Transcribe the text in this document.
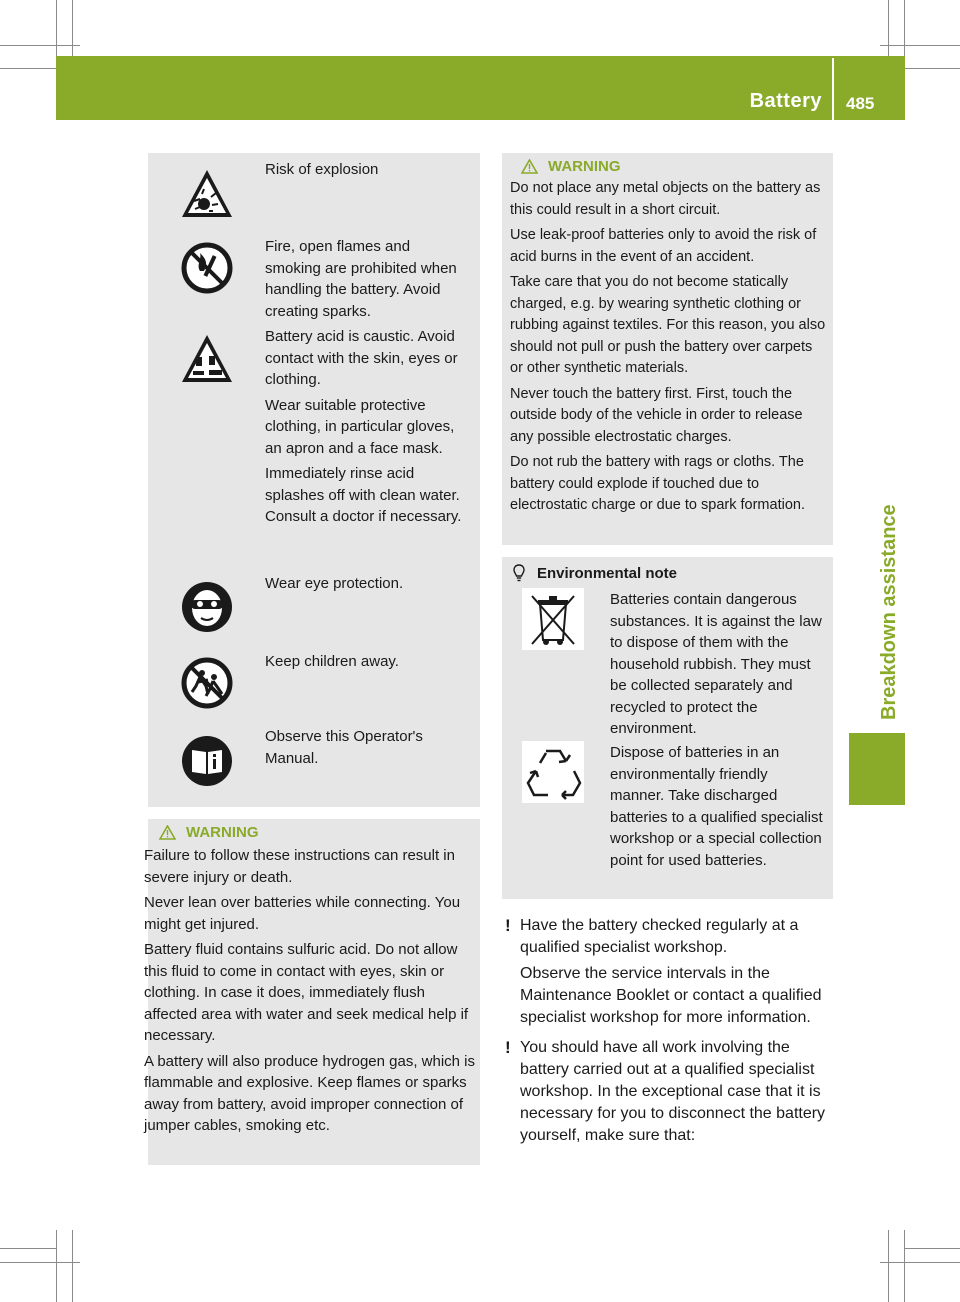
Battery 485
Breakdown assistance

Risk of explosion

Fire, open flames and smoking are prohibited when handling the battery. Avoid creating sparks.

Battery acid is caustic. Avoid contact with the skin, eyes or clothing.

Wear suitable protective clothing, in particular gloves, an apron and a face mask.

Immediately rinse acid splashes off with clean water. Consult a doctor if necessary.

Wear eye protection.

Keep children away.

Observe this Operator's Manual.

WARNING
Failure to follow these instructions can result in severe injury or death.
Never lean over batteries while connecting. You might get injured.
Battery fluid contains sulfuric acid. Do not allow this fluid to come in contact with eyes, skin or clothing. In case it does, immediately flush affected area with water and seek medical help if necessary.
A battery will also produce hydrogen gas, which is flammable and explosive. Keep flames or sparks away from battery, avoid improper connection of jumper cables, smoking etc.
WARNING
Do not place any metal objects on the battery as this could result in a short circuit.
Use leak-proof batteries only to avoid the risk of acid burns in the event of an accident.
Take care that you do not become statically charged, e.g. by wearing synthetic clothing or rubbing against textiles. For this reason, you also should not pull or push the battery over carpets or other synthetic materials.
Never touch the battery first. First, touch the outside body of the vehicle in order to release any possible electrostatic charges.
Do not rub the battery with rags or cloths. The battery could explode if touched due to electrostatic charge or due to spark formation.
Environmental note
Batteries contain dangerous substances. It is against the law to dispose of them with the household rubbish. They must be collected separately and recycled to protect the environment.
Dispose of batteries in an environmentally friendly manner. Take discharged batteries to a qualified specialist workshop or a special collection point for used batteries.
! Have the battery checked regularly at a qualified specialist workshop.

Observe the service intervals in the Maintenance Booklet or contact a qualified specialist workshop for more information.

! You should have all work involving the battery carried out at a qualified specialist workshop. In the exceptional case that it is necessary for you to disconnect the battery yourself, make sure that:
